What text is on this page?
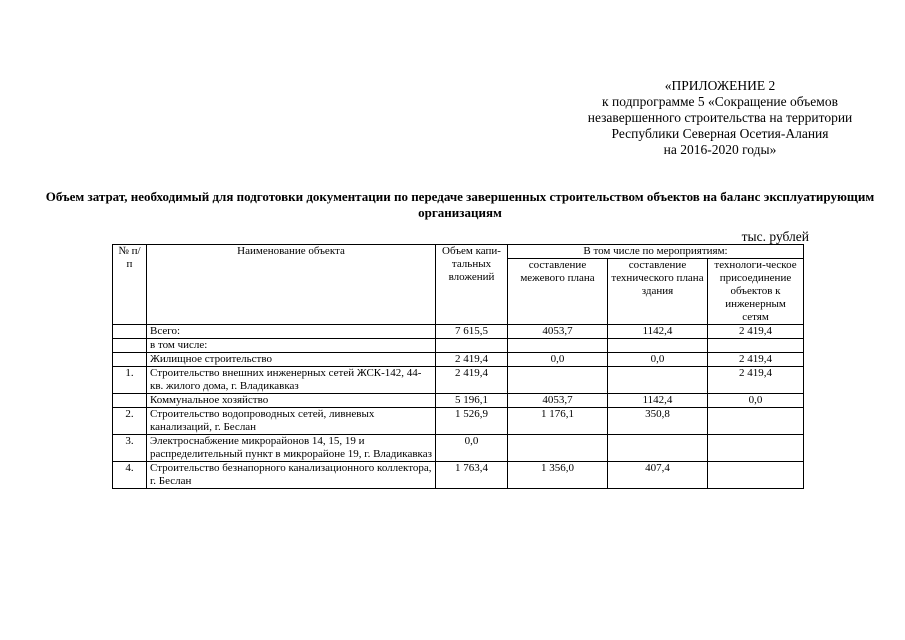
«ПРИЛОЖЕНИЕ 2
к подпрограмме 5 «Сокращение объемов
незавершенного строительства на территории
Республики Северная Осетия-Алания
на 2016-2020 годы»
Объем затрат, необходимый для подготовки документации по передаче завершенных строительством объектов на баланс эксплуатирующим организациям
тыс. рублей
№ п/п	Наименование объекта	Объем капи-тальных вложений	В том числе по мероприятиям:		
			составление межевого плана	составление технического плана здания	технологи-ческое присоединение объектов к инженерным сетям
	Всего:	7 615,5	4053,7	1142,4	2 419,4
	в том числе:				
	Жилищное строительство	2 419,4	0,0	0,0	2 419,4
1.	Строительство внешних инженерных сетей ЖСК-142, 44-кв. жилого дома, г. Владикавказ	2 419,4			2 419,4
	Коммунальное хозяйство	5 196,1	4053,7	1142,4	0,0
2.	Строительство водопроводных сетей, ливневых канализаций, г. Беслан	1 526,9	1 176,1	350,8	
3.	Электроснабжение микрорайонов 14, 15, 19 и распределительный пункт в микрорайоне 19, г. Владикавказ	0,0			
4.	Строительство безнапорного канализационного коллектора, г. Беслан	1 763,4	1 356,0	407,4	
